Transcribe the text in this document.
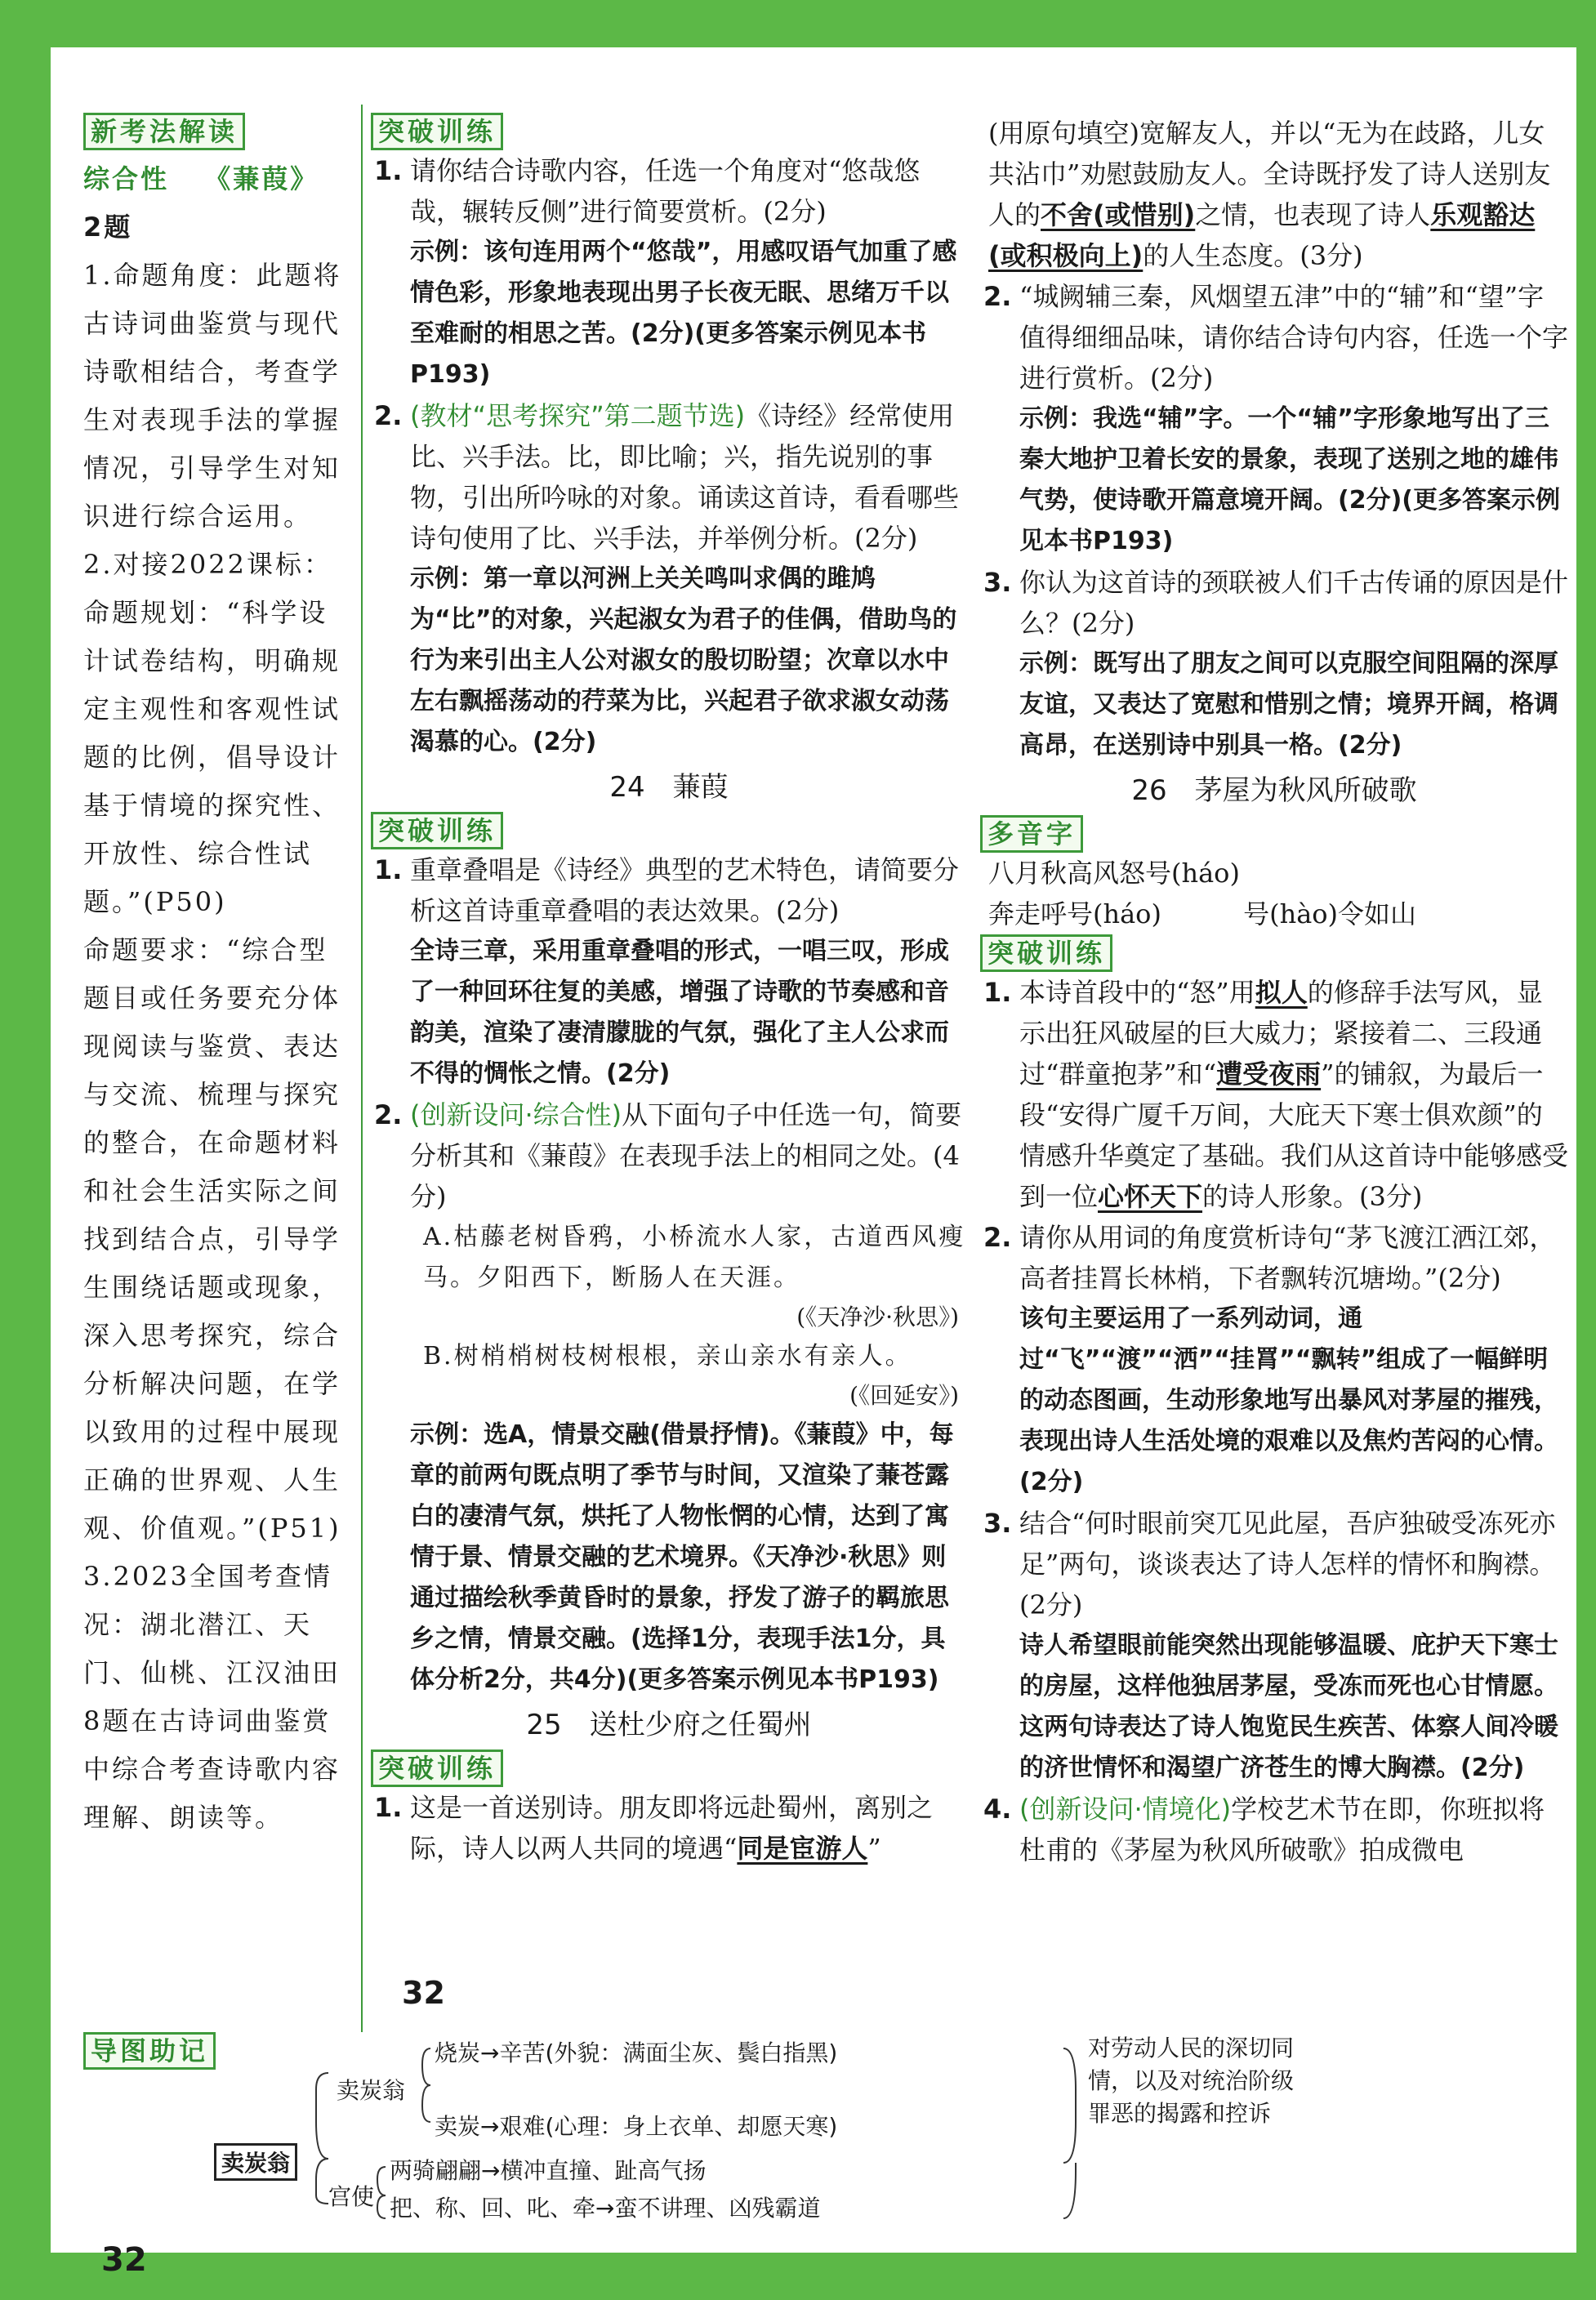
新考法解读

综合性 《蒹葭》

2题

1.命题角度：此题将古诗词曲鉴赏与现代诗歌相结合，考查学生对表现手法的掌握情况，引导学生对知识进行综合运用。

2.对接2022课标：命题规划：“科学设计试卷结构，明确规定主观性和客观性试题的比例，倡导设计基于情境的探究性、开放性、综合性试题。”(P50)

命题要求：“综合型题目或任务要充分体现阅读与鉴赏、表达与交流、梳理与探究的整合，在命题材料和社会生活实际之间找到结合点，引导学生围绕话题或现象，深入思考探究，综合分析解决问题，在学以致用的过程中展现正确的世界观、人生观、价值观。”(P51)

3.2023全国考查情况：湖北潜江、天门、仙桃、江汉油田8题在古诗词曲鉴赏中综合考查诗歌内容理解、朗读等。

突破训练
1. 请你结合诗歌内容，任选一个角度对“悠哉悠哉，辗转反侧”进行简要赏析。(2分)
示例：该句连用两个“悠哉”，用感叹语气加重了感情色彩，形象地表现出男子长夜无眠、思绪万千以至难耐的相思之苦。(2分)(更多答案示例见本书P193)
2. (教材“思考探究”第二题节选)《诗经》经常使用比、兴手法。比，即比喻；兴，指先说别的事物，引出所吟咏的对象。诵读这首诗，看看哪些诗句使用了比、兴手法，并举例分析。(2分)
示例：第一章以河洲上关关鸣叫求偶的雎鸠为“比”的对象，兴起淑女为君子的佳偶，借助鸟的行为来引出主人公对淑女的殷切盼望；次章以水中左右飘摇荡动的荇菜为比，兴起君子欲求淑女动荡渴慕的心。(2分)
24　蒹葭
突破训练
1. 重章叠唱是《诗经》典型的艺术特色，请简要分析这首诗重章叠唱的表达效果。(2分)
全诗三章，采用重章叠唱的形式，一唱三叹，形成了一种回环往复的美感，增强了诗歌的节奏感和音韵美，渲染了凄清朦胧的气氛，强化了主人公求而不得的惆怅之情。(2分)
2. (创新设问·综合性)从下面句子中任选一句，简要分析其和《蒹葭》在表现手法上的相同之处。(4分)
A.枯藤老树昏鸦，小桥流水人家，古道西风瘦马。夕阳西下，断肠人在天涯。
(《天净沙·秋思》)
B.树梢梢树枝树根根，亲山亲水有亲人。
(《回延安》)
示例：选A，情景交融(借景抒情)。《蒹葭》中，每章的前两句既点明了季节与时间，又渲染了蒹苍露白的凄清气氛，烘托了人物怅惘的心情，达到了寓情于景、情景交融的艺术境界。《天净沙·秋思》则通过描绘秋季黄昏时的景象，抒发了游子的羁旅思乡之情，情景交融。(选择1分，表现手法1分，具体分析2分，共4分)(更多答案示例见本书P193)
25　送杜少府之任蜀州
突破训练
1. 这是一首送别诗。朋友即将远赴蜀州，离别之际，诗人以两人共同的境遇“同是宦游人”
32
(用原句填空)宽解友人，并以“无为在歧路，儿女共沾巾”劝慰鼓励友人。全诗既抒发了诗人送别友人的不舍(或惜别)之情，也表现了诗人乐观豁达(或积极向上)的人生态度。(3分)
2. “城阙辅三秦，风烟望五津”中的“辅”和“望”字值得细细品味，请你结合诗句内容，任选一个字进行赏析。(2分)
示例：我选“辅”字。一个“辅”字形象地写出了三秦大地护卫着长安的景象，表现了送别之地的雄伟气势，使诗歌开篇意境开阔。(2分)(更多答案示例见本书P193)
3. 你认为这首诗的颈联被人们千古传诵的原因是什么？(2分)
示例：既写出了朋友之间可以克服空间阻隔的深厚友谊，又表达了宽慰和惜别之情；境界开阔，格调高昂，在送别诗中别具一格。(2分)
26　茅屋为秋风所破歌
多音字
八月秋高风怒号(háo)
奔走呼号(háo)	号(hào)令如山
突破训练
1. 本诗首段中的“怒”用拟人的修辞手法写风，显示出狂风破屋的巨大威力；紧接着二、三段通过“群童抱茅”和“遭受夜雨”的铺叙，为最后一段“安得广厦千万间，大庇天下寒士俱欢颜”的情感升华奠定了基础。我们从这首诗中能够感受到一位心怀天下的诗人形象。(3分)
2. 请你从用词的角度赏析诗句“茅飞渡江洒江郊，高者挂罥长林梢，下者飘转沉塘坳。”(2分)
该句主要运用了一系列动词，通过“飞”“渡”“洒”“挂罥”“飘转”组成了一幅鲜明的动态图画，生动形象地写出暴风对茅屋的摧残，表现出诗人生活处境的艰难以及焦灼苦闷的心情。(2分)
3. 结合“何时眼前突兀见此屋，吾庐独破受冻死亦足”两句，谈谈表达了诗人怎样的情怀和胸襟。(2分)
诗人希望眼前能突然出现能够温暖、庇护天下寒士的房屋，这样他独居茅屋，受冻而死也心甘情愿。这两句诗表达了诗人饱览民生疾苦、体察人间冷暖的济世情怀和渴望广济苍生的博大胸襟。(2分)
4. (创新设问·情境化)学校艺术节在即，你班拟将杜甫的《茅屋为秋风所破歌》拍成微电
导图助记
卖炭翁
卖炭翁
烧炭→辛苦(外貌：满面尘灰、鬓白指黑)
卖炭→艰难(心理：身上衣单、却愿天寒)
宫使
两骑翩翩→横冲直撞、趾高气扬
把、称、回、叱、牵→蛮不讲理、凶残霸道
对劳动人民的深切同情，以及对统治阶级罪恶的揭露和控诉
32
